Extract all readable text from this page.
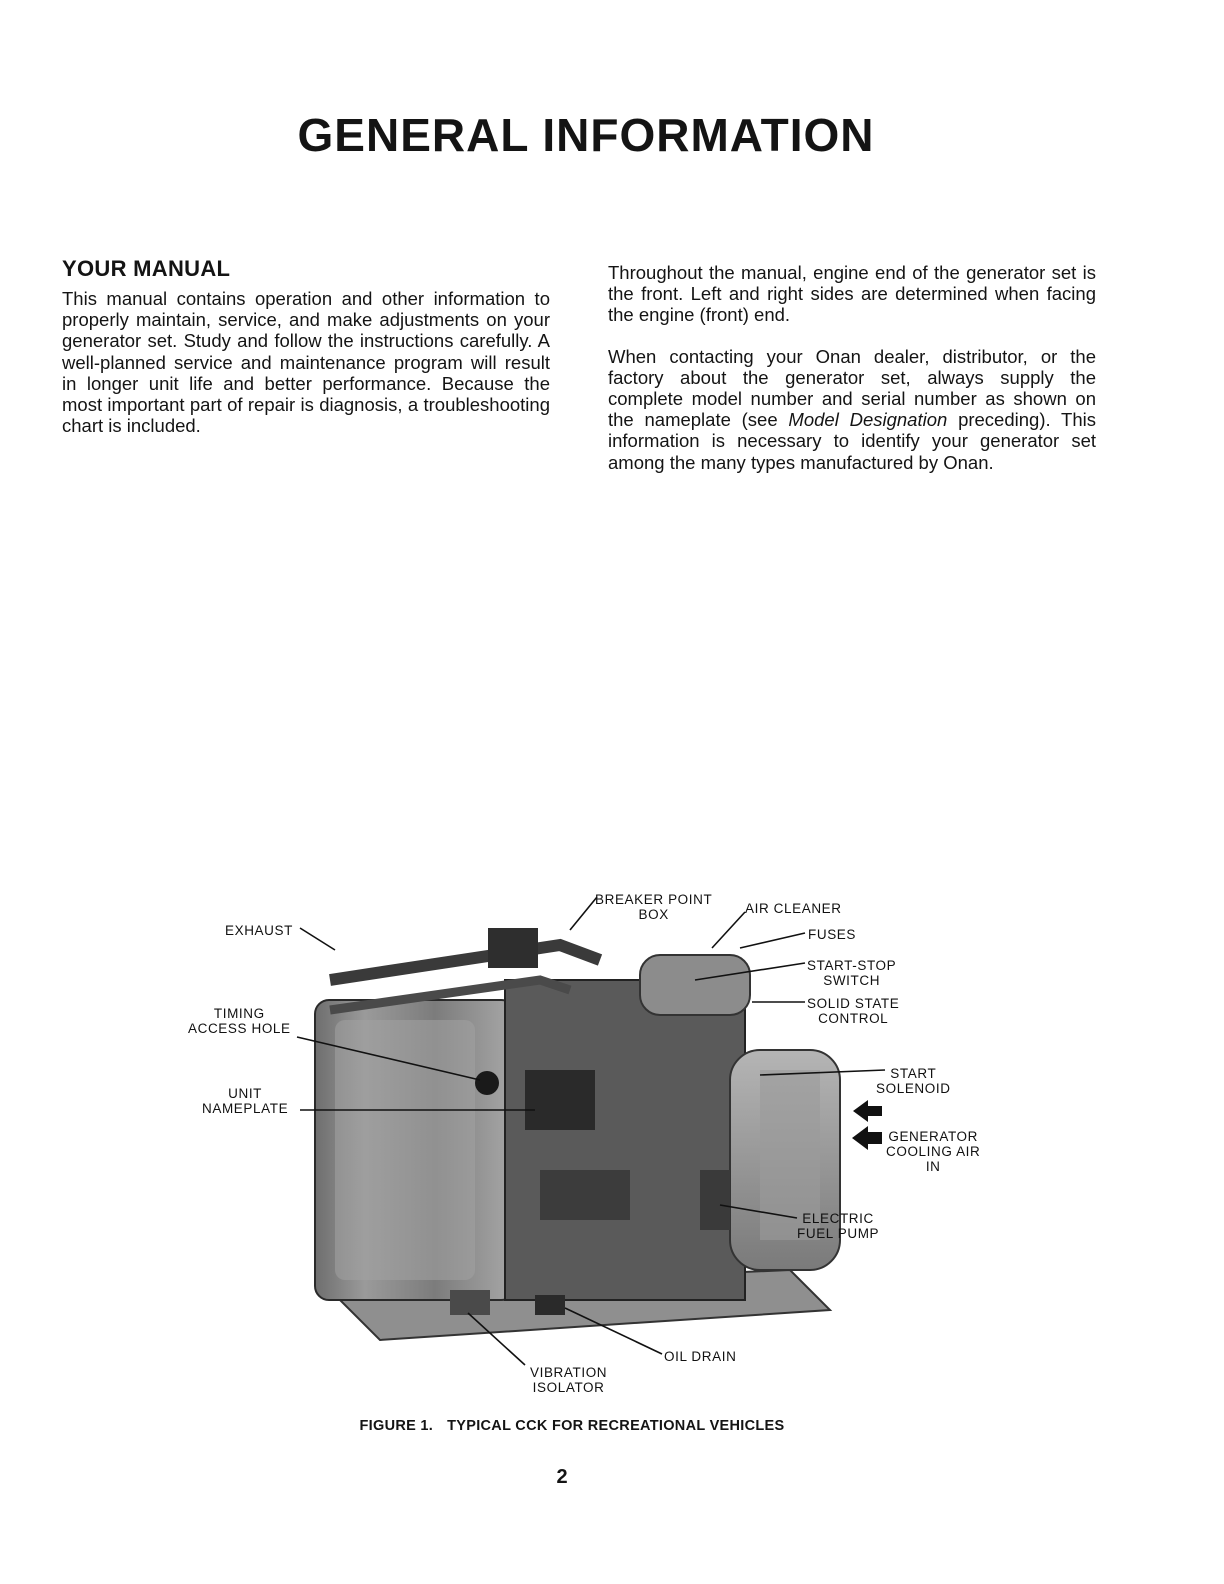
GENERAL INFORMATION
YOUR MANUAL

This manual contains operation and other information to properly maintain, service, and make adjustments on your generator set. Study and follow the instructions carefully. A well-planned service and maintenance program will result in longer unit life and better performance. Because the most important part of repair is diagnosis, a troubleshooting chart is included.

Throughout the manual, engine end of the generator set is the front. Left and right sides are determined when facing the engine (front) end.

When contacting your Onan dealer, distributor, or the factory about the generator set, always supply the complete model number and serial number as shown on the nameplate (see Model Designation preceding). This information is necessary to identify your generator set among the many types manufactured by Onan.

EXHAUST
BREAKER POINT
BOX	AIR CLEANER
FUSES
START-STOP
SWITCH
SOLID STATE
CONTROL
TIMING
ACCESS HOLE
START
SOLENOID
UNIT
NAMEPLATE
GENERATOR
COOLING AIR
IN
ELECTRIC
FUEL PUMP
OIL DRAIN
VIBRATION
ISOLATOR

FIGURE 1. TYPICAL CCK FOR RECREATIONAL VEHICLES

2
